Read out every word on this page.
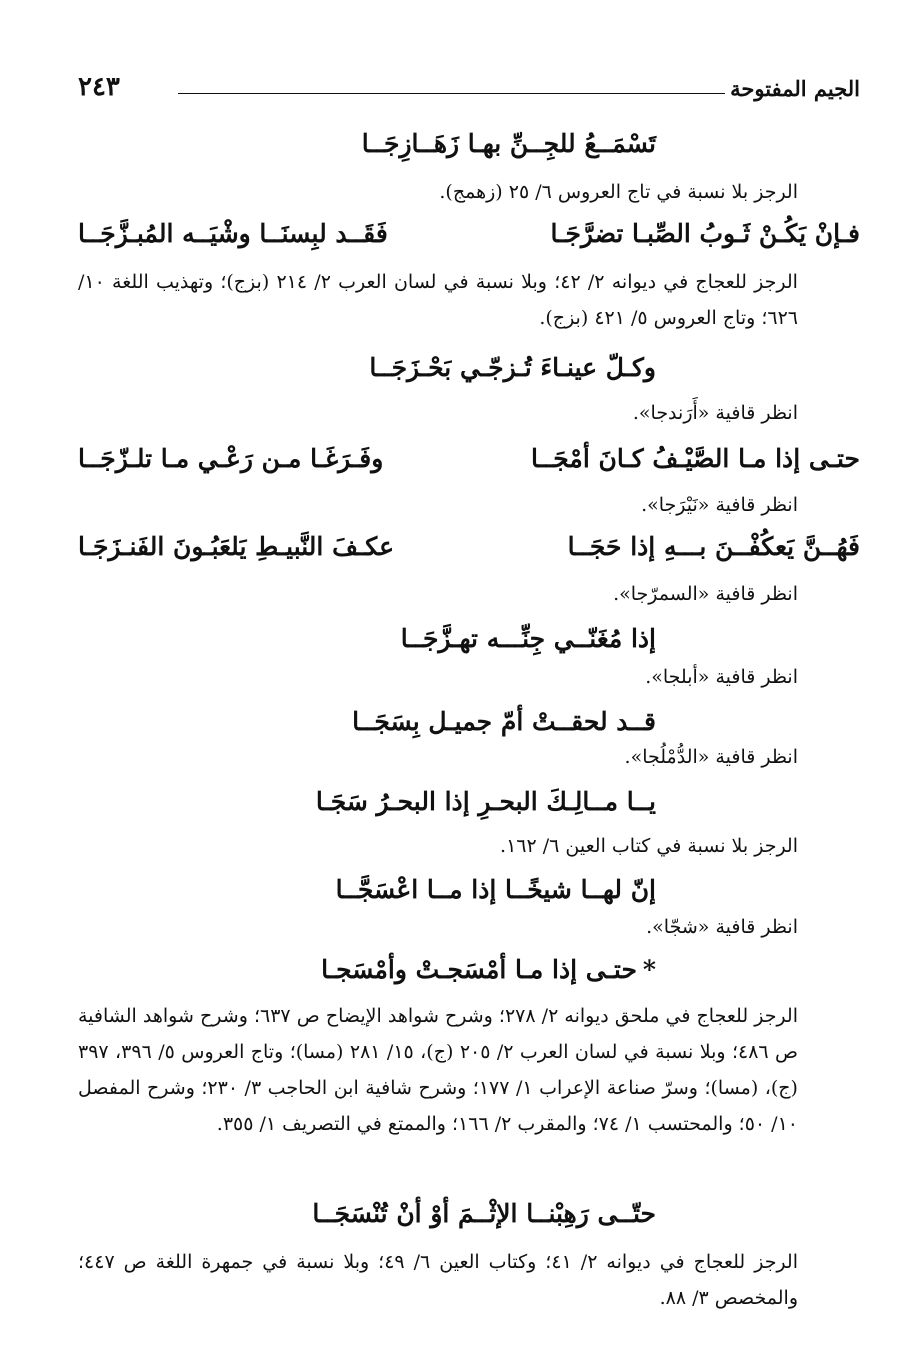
الجيم المفتوحة
٢٤٣
تَسْمَــعُ للجِــنِّ بهـا زَهَــازِجَــا
الرجز بلا نسبة في تاج العروس ٦/ ٢٥ (زهمج).
فـإنْ يَكُـنْ ثَـوبُ الصِّبـا تضرَّجَـا
فَقَــد لبِسنَــا وشْيَــه المُبـزَّجَــا
الرجز للعجاج في ديوانه ٢/ ٤٢؛ وبلا نسبة في لسان العرب ٢/ ٢١٤ (بزج)؛ وتهذيب اللغة ١٠/ ٦٢٦؛ وتاج العروس ٥/ ٤٢١ (بزج).
وكـلّ عينـاءَ تُـزجّـي بَحْـزَجَــا
انظر قافية «أَرَندجا».
حتـى إذا مـا الصَّيْـفُ كـانَ أمْجَــا
وفَـرَغَـا مـن رَعْـي مـا تلـزّجَــا
انظر قافية «نَيْرَجا».
فَهُــنَّ يَعكُفْــنَ بـــهِ إذا حَجَــا
عكـفَ النَّبيـطِ يَلعَبُـونَ الفَنـزَجَـا
انظر قافية «السمرّجا».
إذا مُغَنّــي جِنِّـــه تهـزَّجَــا
انظر قافية «أبلجا».
قــد لحقــتْ أمّ جميـل بِسَجَــا
انظر قافية «الدُّمْلُجا».
يــا مــالِـكَ البحـرِ إذا البحـرُ سَجَـا
الرجز بلا نسبة في كتاب العين ٦/ ١٦٢.
إنّ لهــا شيخًــا إذا مــا اعْسَجَّــا
انظر قافية «شجّا».
*حتـى إذا مـا أمْسَجـتْ وأمْسَجـا
الرجز للعجاج في ملحق ديوانه ٢/ ٢٧٨؛ وشرح شواهد الإيضاح ص ٦٣٧؛ وشرح شواهد الشافية ص ٤٨٦؛ وبلا نسبة في لسان العرب ٢/ ٢٠٥ (ج)، ١٥/ ٢٨١ (مسا)؛ وتاج العروس ٥/ ٣٩٦، ٣٩٧ (ج)، (مسا)؛ وسرّ صناعة الإعراب ١/ ١٧٧؛ وشرح شافية ابن الحاجب ٣/ ٢٣٠؛ وشرح المفصل ١٠/ ٥٠؛ والمحتسب ١/ ٧٤؛ والمقرب ٢/ ١٦٦؛ والممتع في التصريف ١/ ٣٥٥.
حتّــى رَهِبْنــا الإثْــمَ أوْ أنْ تُنْسَجَــا
الرجز للعجاج في ديوانه ٢/ ٤١؛ وكتاب العين ٦/ ٤٩؛ وبلا نسبة في جمهرة اللغة ص ٤٤٧؛ والمخصص ٣/ ٨٨.
